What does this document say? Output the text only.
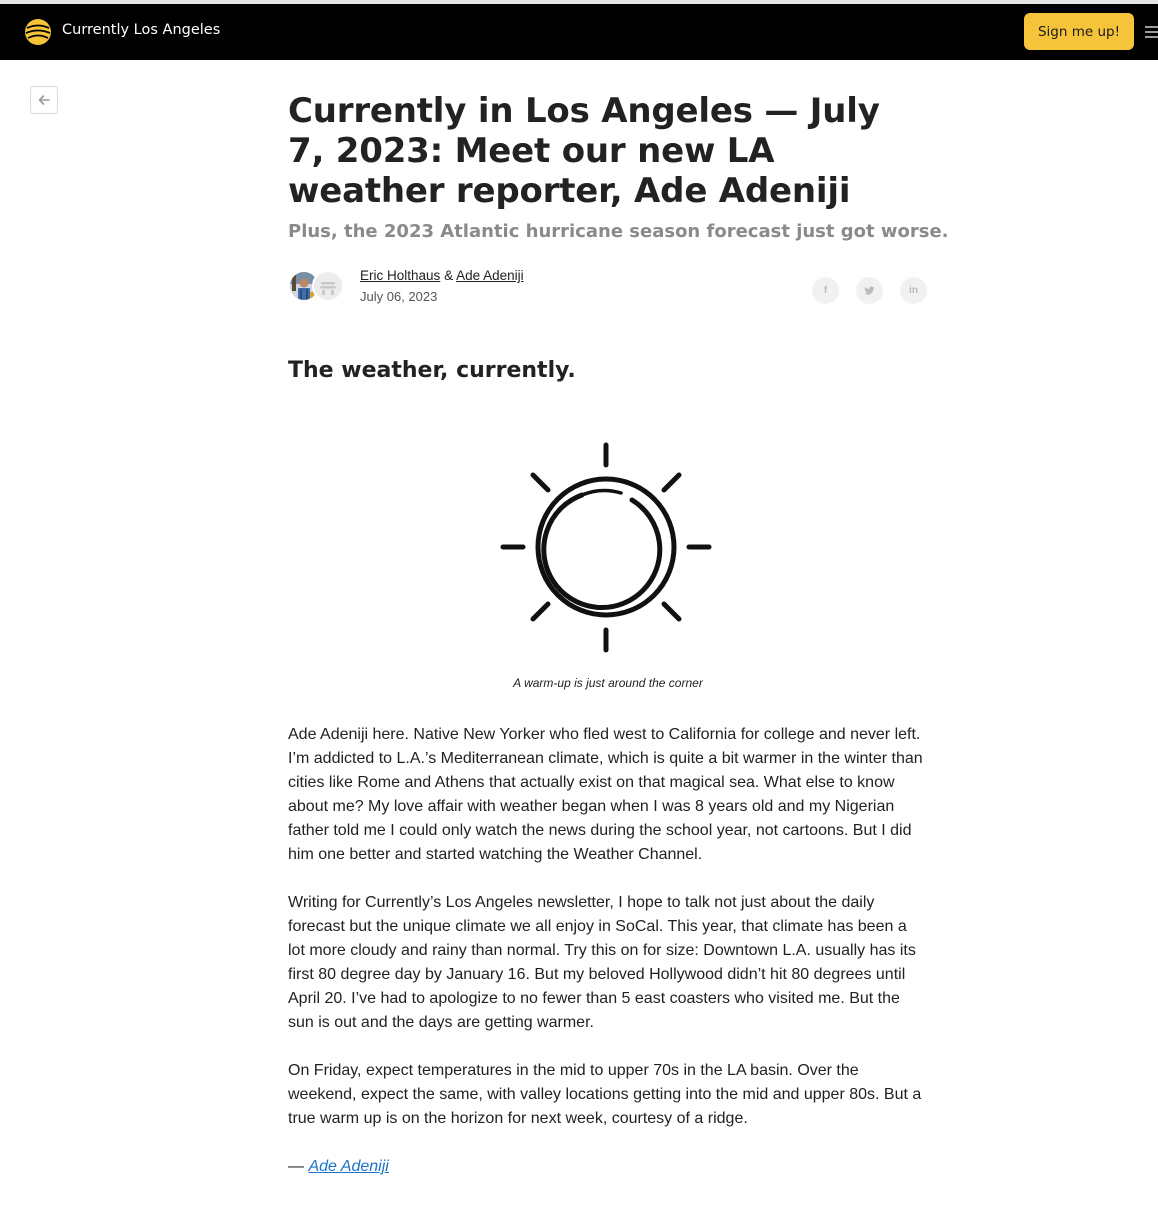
Currently Los Angeles	Sign me up!
Currently in Los Angeles — July 7, 2023: Meet our new LA weather reporter, Ade Adeniji
Plus, the 2023 Atlantic hurricane season forecast just got worse.
Eric Holthaus & Ade Adeniji
July 06, 2023	f	in
The weather, currently.

A warm-up is just around the corner

Ade Adeniji here. Native New Yorker who fled west to California for college and never left. I’m addicted to L.A.’s Mediterranean climate, which is quite a bit warmer in the winter than cities like Rome and Athens that actually exist on that magical sea. What else to know about me? My love affair with weather began when I was 8 years old and my Nigerian father told me I could only watch the news during the school year, not cartoons. But I did him one better and started watching the Weather Channel.

Writing for Currently’s Los Angeles newsletter, I hope to talk not just about the daily forecast but the unique climate we all enjoy in SoCal. This year, that climate has been a lot more cloudy and rainy than normal. Try this on for size: Downtown L.A. usually has its first 80 degree day by January 16. But my beloved Hollywood didn’t hit 80 degrees until April 20. I’ve had to apologize to no fewer than 5 east coasters who visited me. But the sun is out and the days are getting warmer.

On Friday, expect temperatures in the mid to upper 70s in the LA basin. Over the weekend, expect the same, with valley locations getting into the mid and upper 80s. But a true warm up is on the horizon for next week, courtesy of a ridge.

— Ade Adeniji
